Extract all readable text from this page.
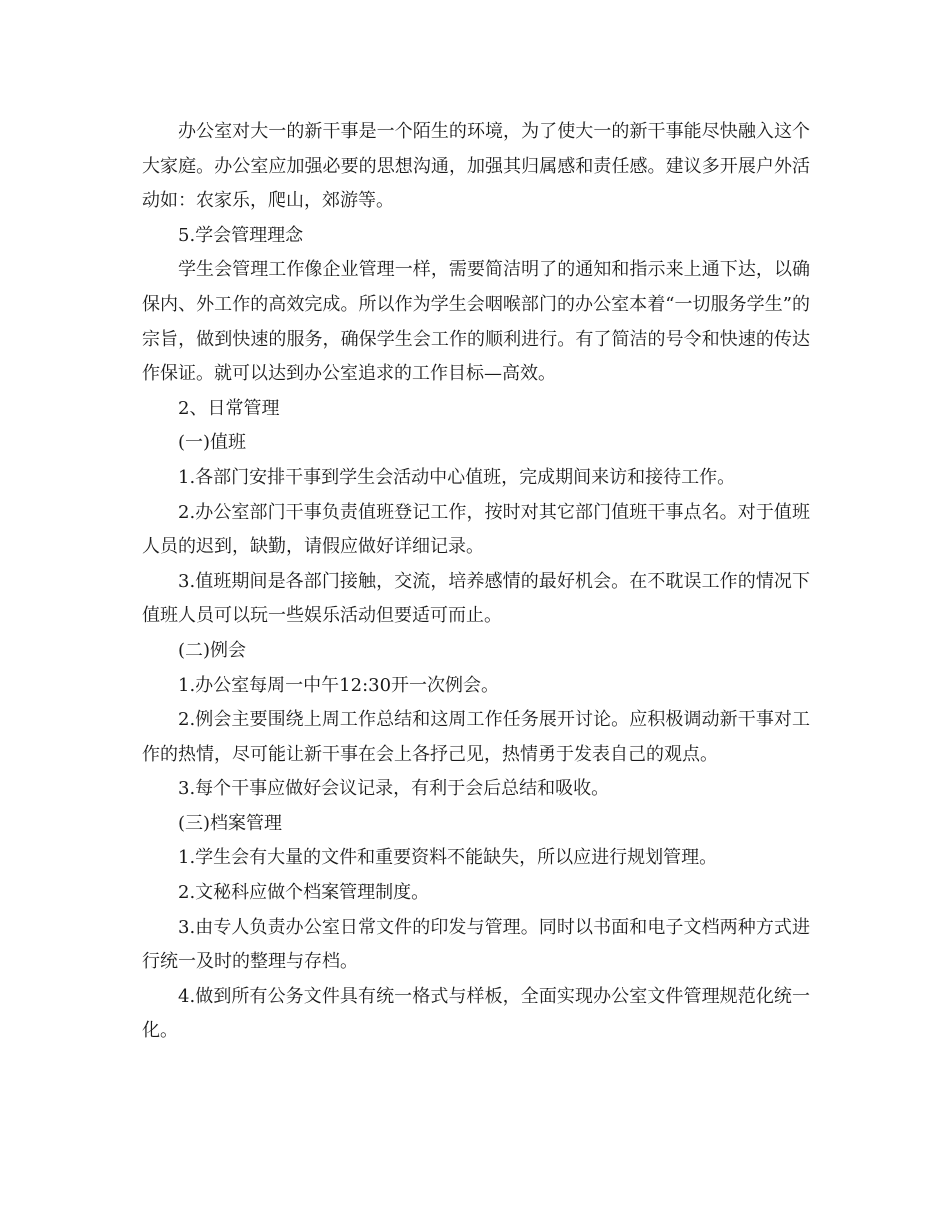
办公室对大一的新干事是一个陌生的环境，为了使大一的新干事能尽快融入这个大家庭。办公室应加强必要的思想沟通，加强其归属感和责任感。建议多开展户外活动如：农家乐，爬山，郊游等。

5.学会管理理念

学生会管理工作像企业管理一样，需要简洁明了的通知和指示来上通下达，以确保内、外工作的高效完成。所以作为学生会咽喉部门的办公室本着“一切服务学生”的宗旨，做到快速的服务，确保学生会工作的顺利进行。有了简洁的号令和快速的传达作保证。就可以达到办公室追求的工作目标—高效。

2、日常管理

(一)值班

1.各部门安排干事到学生会活动中心值班，完成期间来访和接待工作。

2.办公室部门干事负责值班登记工作，按时对其它部门值班干事点名。对于值班人员的迟到，缺勤，请假应做好详细记录。

3.值班期间是各部门接触，交流，培养感情的最好机会。在不耽误工作的情况下值班人员可以玩一些娱乐活动但要适可而止。

(二)例会

1.办公室每周一中午12:30开一次例会。

2.例会主要围绕上周工作总结和这周工作任务展开讨论。应积极调动新干事对工作的热情，尽可能让新干事在会上各抒己见，热情勇于发表自己的观点。

3.每个干事应做好会议记录，有利于会后总结和吸收。

(三)档案管理

1.学生会有大量的文件和重要资料不能缺失，所以应进行规划管理。

2.文秘科应做个档案管理制度。

3.由专人负责办公室日常文件的印发与管理。同时以书面和电子文档两种方式进行统一及时的整理与存档。

4.做到所有公务文件具有统一格式与样板，全面实现办公室文件管理规范化统一化。
